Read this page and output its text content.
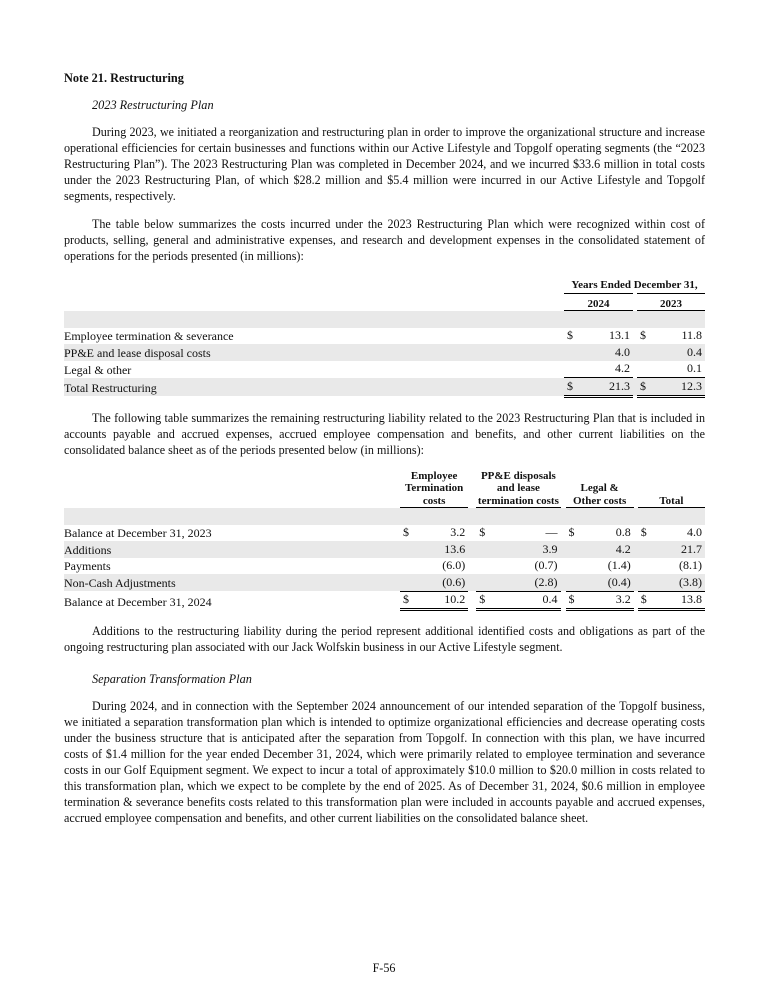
Note 21. Restructuring
2023 Restructuring Plan

During 2023, we initiated a reorganization and restructuring plan in order to improve the organizational structure and increase operational efficiencies for certain businesses and functions within our Active Lifestyle and Topgolf operating segments (the “2023 Restructuring Plan”). The 2023 Restructuring Plan was completed in December 2024, and we incurred $33.6 million in total costs under the 2023 Restructuring Plan, of which $28.2 million and $5.4 million were incurred in our Active Lifestyle and Topgolf segments, respectively.

The table below summarizes the costs incurred under the 2023 Restructuring Plan which were recognized within cost of products, selling, general and administrative expenses, and research and development expenses in the consolidated statement of operations for the periods presented (in millions):

	Years Ended December 31,		

	2024		2023

Employee termination & severance	$ 13.1		$ 11.8

PP&E and lease disposal costs	4.0		0.4

Legal & other	4.2		0.1

Total Restructuring	$ 21.3		$ 12.3

The following table summarizes the remaining restructuring liability related to the 2023 Restructuring Plan that is included in accounts payable and accrued expenses, accrued employee compensation and benefits, and other current liabilities on the consolidated balance sheet as of the periods presented below (in millions):

	Employee Termination costs		PP&E disposals and lease termination costs		Legal & Other costs		Total

Balance at December 31, 2023	$ 3.2		$ —		$ 0.8		$ 4.0

Additions	13.6		3.9		4.2		21.7

Payments	(6.0)		(0.7)		(1.4)		(8.1)

Non-Cash Adjustments	(0.6)		(2.8)		(0.4)		(3.8)

Balance at December 31, 2024	$ 10.2		$ 0.4		$ 3.2		$ 13.8

Additions to the restructuring liability during the period represent additional identified costs and obligations as part of the ongoing restructuring plan associated with our Jack Wolfskin business in our Active Lifestyle segment.

Separation Transformation Plan

During 2024, and in connection with the September 2024 announcement of our intended separation of the Topgolf business, we initiated a separation transformation plan which is intended to optimize organizational efficiencies and decrease operating costs under the business structure that is anticipated after the separation from Topgolf. In connection with this plan, we have incurred costs of $1.4 million for the year ended December 31, 2024, which were primarily related to employee termination and severance costs in our Golf Equipment segment. We expect to incur a total of approximately $10.0 million to $20.0 million in costs related to this transformation plan, which we expect to be complete by the end of 2025. As of December 31, 2024, $0.6 million in employee termination & severance benefits costs related to this transformation plan were included in accounts payable and accrued expenses, accrued employee compensation and benefits, and other current liabilities on the consolidated balance sheet.

F-56
